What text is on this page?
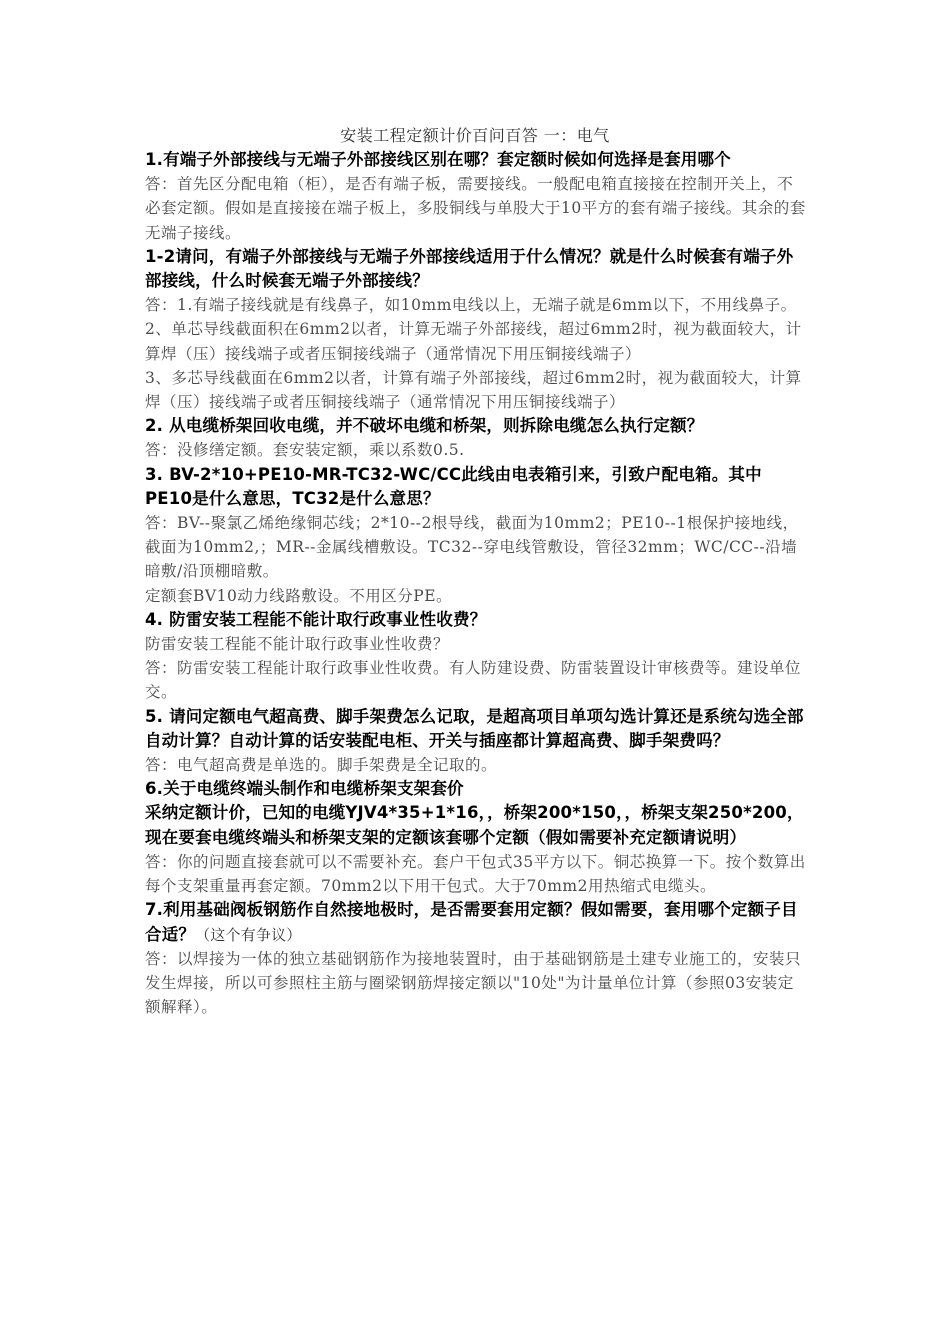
安装工程定额计价百问百答 一：电气

1.有端子外部接线与无端子外部接线区别在哪？套定额时候如何选择是套用哪个

答：首先区分配电箱（柜），是否有端子板，需要接线。一般配电箱直接接在控制开关上，不必套定额。假如是直接接在端子板上，多股铜线与单股大于10平方的套有端子接线。其余的套无端子接线。

1-2请问，有端子外部接线与无端子外部接线适用于什么情况？就是什么时候套有端子外部接线，什么时候套无端子外部接线？

答：1.有端子接线就是有线鼻子，如10mm电线以上，无端子就是6mm以下，不用线鼻子。

2、单芯导线截面积在6mm2以者，计算无端子外部接线，超过6mm2时，视为截面较大，计算焊（压）接线端子或者压铜接线端子（通常情况下用压铜接线端子）

3、多芯导线截面在6mm2以者，计算有端子外部接线，超过6mm2时，视为截面较大，计算焊（压）接线端子或者压铜接线端子（通常情况下用压铜接线端子）

2. 从电缆桥架回收电缆，并不破坏电缆和桥架，则拆除电缆怎么执行定额？

答：没修缮定额。套安装定额，乘以系数0.5.

3. BV-2*10+PE10-MR-TC32-WC/CC此线由电表箱引来，引致户配电箱。其中PE10是什么意思，TC32是什么意思？

答：BV--聚氯乙烯绝缘铜芯线；2*10--2根导线，截面为10mm2；PE10--1根保护接地线，截面为10mm2,；MR--金属线槽敷设。TC32--穿电线管敷设，管径32mm；WC/CC--沿墙暗敷/沿顶棚暗敷。

定额套BV10动力线路敷设。不用区分PE。

4. 防雷安装工程能不能计取行政事业性收费？

防雷安装工程能不能计取行政事业性收费？

答：防雷安装工程能计取行政事业性收费。有人防建设费、防雷装置设计审核费等。建设单位交。

5. 请问定额电气超高费、脚手架费怎么记取，是超高项目单项勾选计算还是系统勾选全部自动计算？自动计算的话安装配电柜、开关与插座都计算超高费、脚手架费吗？

答：电气超高费是单选的。脚手架费是全记取的。

6.关于电缆终端头制作和电缆桥架支架套价

采纳定额计价，已知的电缆YJV4*35+1*16，，桥架200*150，，桥架支架250*200，现在要套电缆终端头和桥架支架的定额该套哪个定额（假如需要补充定额请说明）

答：你的问题直接套就可以不需要补充。套户干包式35平方以下。铜芯换算一下。按个数算出每个支架重量再套定额。70mm2以下用干包式。大于70mm2用热缩式电缆头。

7.利用基础阀板钢筋作自然接地极时，是否需要套用定额？假如需要，套用哪个定额子目合适？（这个有争议）

答：以焊接为一体的独立基础钢筋作为接地装置时，由于基础钢筋是土建专业施工的，安装只发生焊接，所以可参照柱主筋与圈梁钢筋焊接定额以"10处"为计量单位计算（参照03安装定额解释）。
